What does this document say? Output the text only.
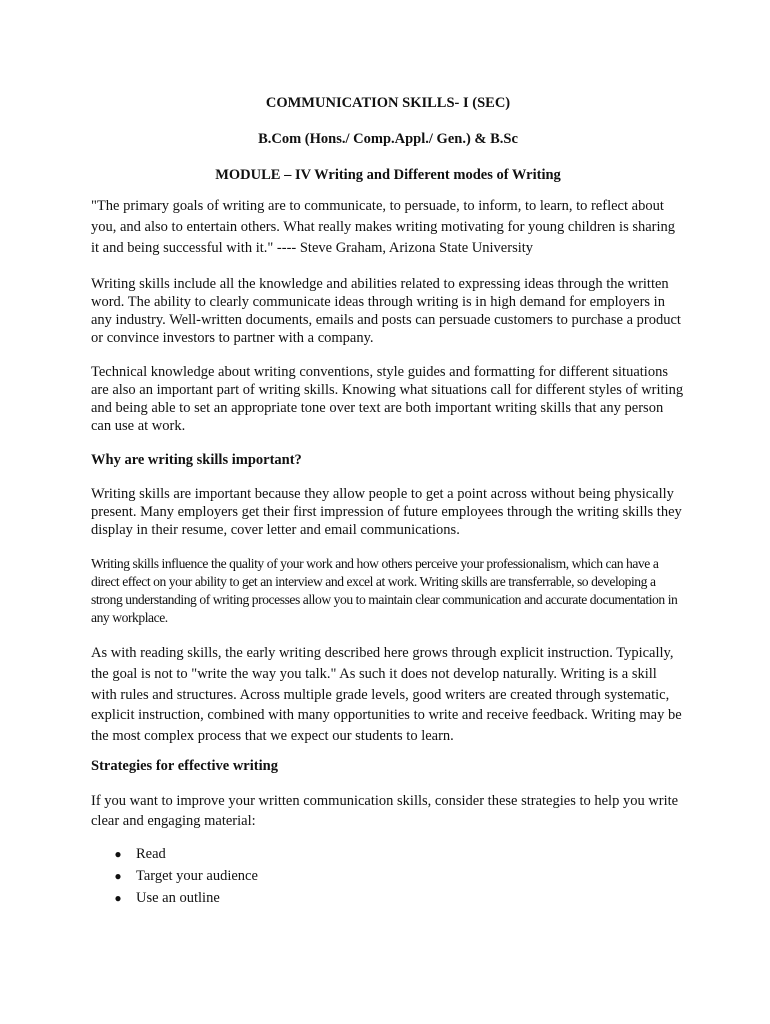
COMMUNICATION SKILLS- I (SEC)
B.Com (Hons./ Comp.Appl./ Gen.) & B.Sc
MODULE – IV Writing and Different modes of Writing

"The primary goals of writing are to communicate, to persuade, to inform, to learn, to reflect about you, and also to entertain others. What really makes writing motivating for young children is sharing it and being successful with it." ---- Steve Graham, Arizona State University

Writing skills include all the knowledge and abilities related to expressing ideas through the written word. The ability to clearly communicate ideas through writing is in high demand for employers in any industry. Well-written documents, emails and posts can persuade customers to purchase a product or convince investors to partner with a company.

Technical knowledge about writing conventions, style guides and formatting for different situations are also an important part of writing skills. Knowing what situations call for different styles of writing and being able to set an appropriate tone over text are both important writing skills that any person can use at work.

Why are writing skills important?

Writing skills are important because they allow people to get a point across without being physically present. Many employers get their first impression of future employees through the writing skills they display in their resume, cover letter and email communications.

Writing skills influence the quality of your work and how others perceive your professionalism, which can have a direct effect on your ability to get an interview and excel at work. Writing skills are transferrable, so developing a strong understanding of writing processes allow you to maintain clear communication and accurate documentation in any workplace.

As with reading skills, the early writing described here grows through explicit instruction. Typically, the goal is not to "write the way you talk." As such it does not develop naturally. Writing is a skill with rules and structures. Across multiple grade levels, good writers are created through systematic, explicit instruction, combined with many opportunities to write and receive feedback. Writing may be the most complex process that we expect our students to learn.

Strategies for effective writing

If you want to improve your written communication skills, consider these strategies to help you write clear and engaging material:

● Read
● Target your audience
● Use an outline
